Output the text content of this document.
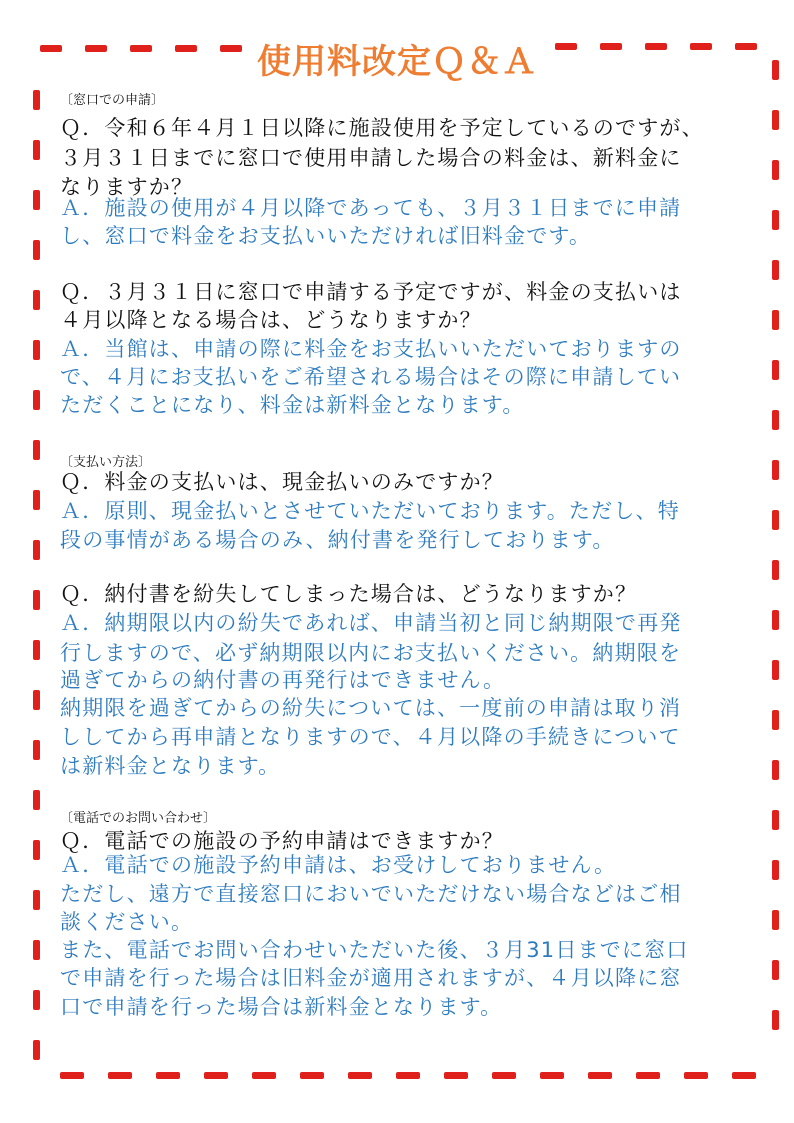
使用料改定Ｑ＆Ａ
〔窓口での申請〕
Ｑ．令和６年４月１日以降に施設使用を予定しているのですが、
３月３１日までに窓口で使用申請した場合の料金は、新料金に
なりますか？
Ａ．施設の使用が４月以降であっても、３月３１日までに申請
し、窓口で料金をお支払いいただければ旧料金です。
Ｑ．３月３１日に窓口で申請する予定ですが、料金の支払いは
４月以降となる場合は、どうなりますか？
Ａ．当館は、申請の際に料金をお支払いいただいておりますの
で、４月にお支払いをご希望される場合はその際に申請してい
ただくことになり、料金は新料金となります。
〔支払い方法〕
Ｑ．料金の支払いは、現金払いのみですか？
Ａ．原則、現金払いとさせていただいております。ただし、特
段の事情がある場合のみ、納付書を発行しております。
Ｑ．納付書を紛失してしまった場合は、どうなりますか？
Ａ．納期限以内の紛失であれば、申請当初と同じ納期限で再発
行しますので、必ず納期限以内にお支払いください。納期限を
過ぎてからの納付書の再発行はできません。
納期限を過ぎてからの紛失については、一度前の申請は取り消
ししてから再申請となりますので、４月以降の手続きについて
は新料金となります。
〔電話でのお問い合わせ〕
Ｑ．電話での施設の予約申請はできますか？
Ａ．電話での施設予約申請は、お受けしておりません。
ただし、遠方で直接窓口においでいただけない場合などはご相
談ください。
また、電話でお問い合わせいただいた後、３月31日までに窓口
で申請を行った場合は旧料金が適用されますが、４月以降に窓
口で申請を行った場合は新料金となります。
